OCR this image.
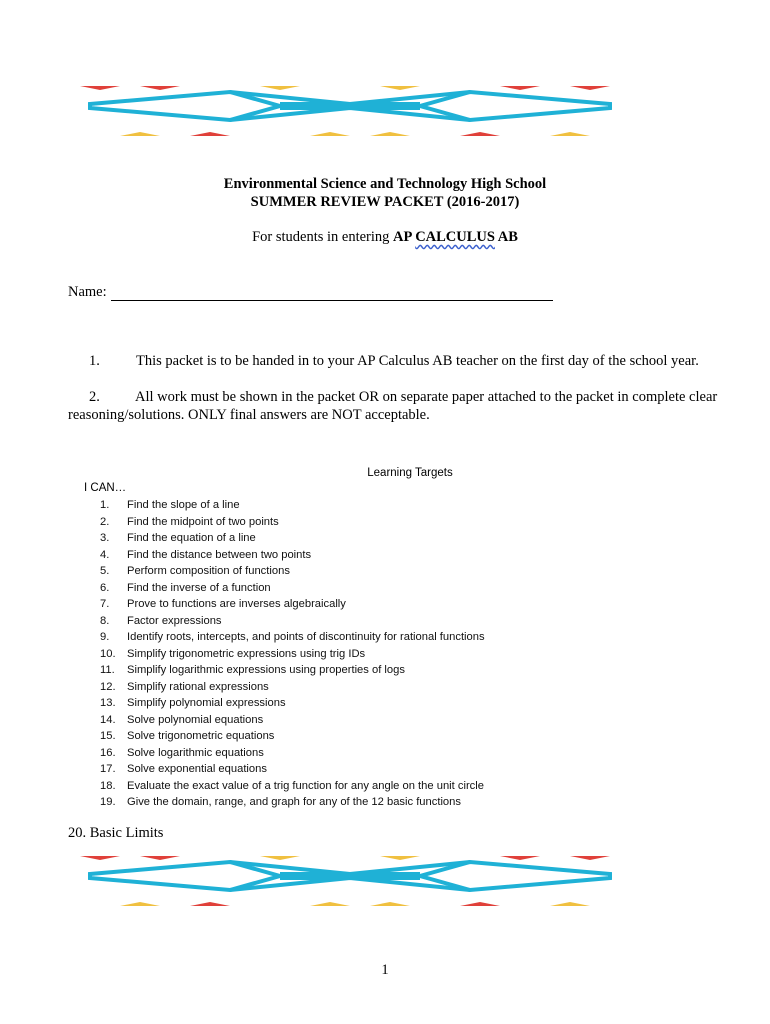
Environmental Science and Technology High School
SUMMER REVIEW PACKET (2016-2017)
For students in entering AP CALCULUS AB
Name:
1. This packet is to be handed in to your AP Calculus AB teacher on the first day of the school year.
2. All work must be shown in the packet OR on separate paper attached to the packet in complete clear reasoning/solutions. ONLY final answers are NOT acceptable.
Learning Targets
I CAN…
1. Find the slope of a line
2. Find the midpoint of two points
3. Find the equation of a line
4. Find the distance between two points
5. Perform composition of functions
6. Find the inverse of a function
7. Prove to functions are inverses algebraically
8. Factor expressions
9. Identify roots, intercepts, and points of discontinuity for rational functions
10. Simplify trigonometric expressions using trig IDs
11. Simplify logarithmic expressions using properties of logs
12. Simplify rational expressions
13. Simplify polynomial expressions
14. Solve polynomial equations
15. Solve trigonometric equations
16. Solve logarithmic equations
17. Solve exponential equations
18. Evaluate the exact value of a trig function for any angle on the unit circle
19. Give the domain, range, and graph for any of the 12 basic functions
20. Basic Limits
1
